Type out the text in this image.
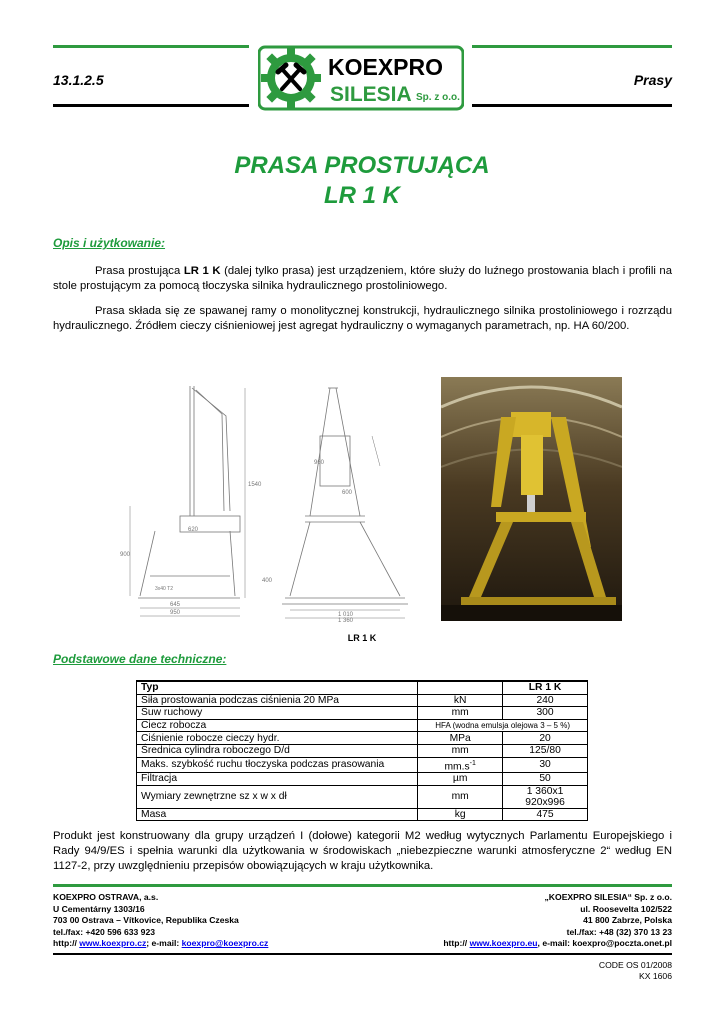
13.1.2.5	Prasy
KOEXPRO
SILESIA Sp. z o.o.
PRASA PROSTUJĄCA
LR 1 K
Opis i użytkowanie:
Prasa prostująca LR 1 K (dalej tylko prasa) jest urządzeniem, które służy do luźnego prostowania blach i profili na stole prostującym za pomocą tłoczyska silnika hydraulicznego prostoliniowego.
Prasa składa się ze spawanej ramy o monolitycznej konstrukcji, hydraulicznego silnika prostoliniowego i rozrządu hydraulicznego. Źródłem cieczy ciśnieniowej jest agregat hydrauliczny o wymaganych parametrach, np. HA 60/200.
900
645
950
3x40 T2
620
1540
1 010
1 360
400
600
960
LR 1 K
Podstawowe dane techniczne:
Typ		LR 1 K
Siła prostowania podczas ciśnienia 20 MPa	kN	240
Suw ruchowy	mm	300
Ciecz robocza	HFA (wodna emulsja olejowa 3 – 5 %)	
Ciśnienie robocze cieczy hydr.	MPa	20
Średnica cylindra roboczego D/d	mm	125/80
Maks. szybkość ruchu tłoczyska podczas prasowania	$mm.s^{-1}$	30
Filtracja	µm	50
Wymiary zewnętrzne sz x w x dł	mm	1 360x1 920x996
Masa	kg	475
Produkt jest konstruowany dla grupy urządzeń I (dołowe) kategorii M2 według wytycznych Parlamentu Europejskiego i Rady 94/9/ES i spełnia warunki dla użytkowania w środowiskach „niebezpieczne warunki atmosferyczne 2“ według EN 1127-2, przy uwzględnieniu przepisów obowiązujących w kraju użytkownika.
KOEXPRO OSTRAVA, a.s.
U Cementárny 1303/16
703 00 Ostrava – Vítkovice, Republika Czeska
tel./fax: +420 596 633 923
http:// www.koexpro.cz; e-mail: koexpro@koexpro.cz
„KOEXPRO SILESIA“ Sp. z o.o.
ul. Roosevelta 102/522
41 800 Zabrze, Polska
tel./fax: +48 (32) 370 13 23
http:// www.koexpro.eu, e-mail: koexpro@poczta.onet.pl
CODE OS 01/2008
KX 1606
